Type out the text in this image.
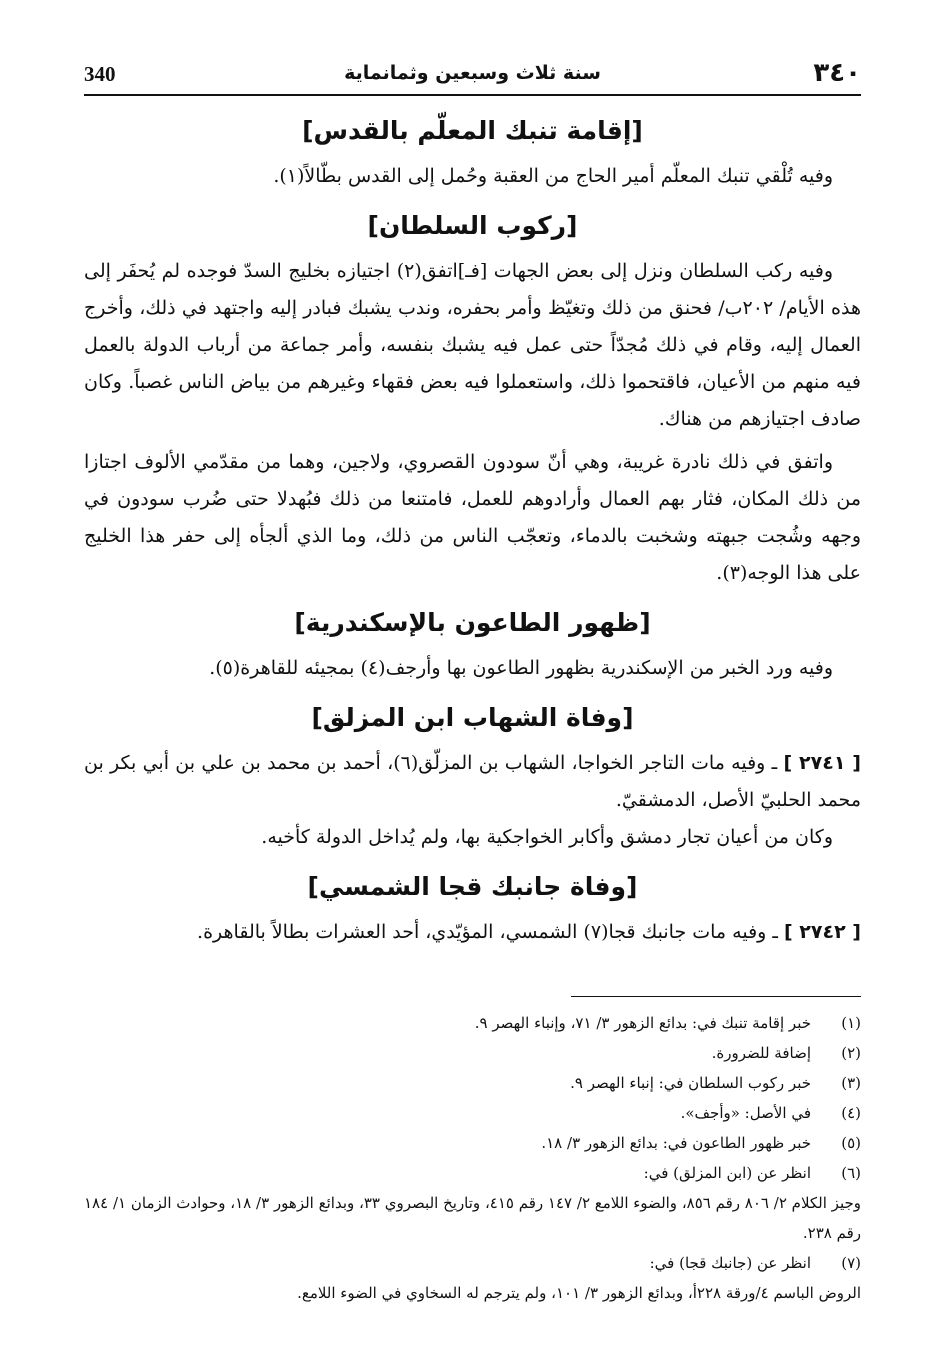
٣٤٠
سنة ثلاث وسبعين وثمانماية
340
[إقامة تنبك المعلّم بالقدس]

وفيه تُلْقي تنبك المعلّم أمير الحاج من العقبة وحُمل إلى القدس بطّالاً(١).

[ركوب السلطان]

وفيه ركب السلطان ونزل إلى بعض الجهات [فـ]اتفق(٢) اجتيازه بخليج السدّ فوجده لم يُحفَر إلى هذه الأيام/ ٢٠٢ب/ فحنق من ذلك وتغيّظ وأمر بحفره، وندب يشبك فبادر إليه واجتهد في ذلك، وأخرج العمال إليه، وقام في ذلك مُجدّاً حتى عمل فيه يشبك بنفسه، وأمر جماعة من أرباب الدولة بالعمل فيه منهم من الأعيان، فاقتحموا ذلك، واستعملوا فيه بعض فقهاء وغيرهم من بياض الناس غصباً. وكان صادف اجتيازهم من هناك.

واتفق في ذلك نادرة غريبة، وهي أنّ سودون القصروي، ولاجين، وهما من مقدّمي الألوف اجتازا من ذلك المكان، فثار بهم العمال وأرادوهم للعمل، فامتنعا من ذلك فبُهدلا حتى ضُرب سودون في وجهه وشُجت جبهته وشخبت بالدماء، وتعجّب الناس من ذلك، وما الذي ألجأه إلى حفر هذا الخليج على هذا الوجه(٣).

[ظهور الطاعون بالإسكندرية]

وفيه ورد الخبر من الإسكندرية بظهور الطاعون بها وأرجف(٤) بمجيئه للقاهرة(٥).

[وفاة الشهاب ابن المزلق]

[ ٢٧٤١ ] ـ وفيه مات التاجر الخواجا، الشهاب بن المزلّق(٦)، أحمد بن محمد بن علي بن أبي بكر بن محمد الحلبيّ الأصل، الدمشقيّ.

وكان من أعيان تجار دمشق وأكابر الخواجكية بها، ولم يُداخل الدولة كأخيه.

[وفاة جانبك قجا الشمسي]

[ ٢٧٤٢ ] ـ وفيه مات جانبك قجا(٧) الشمسي، المؤيّدي، أحد العشرات بطالاً بالقاهرة.

(١)
خبر إقامة تنبك في: بدائع الزهور ٣/ ٧١، وإنباء الهصر ٩.
(٢)
إضافة للضرورة.
(٣)
خبر ركوب السلطان في: إنباء الهصر ٩.
(٤)
في الأصل: «وأجف».
(٥)
خبر ظهور الطاعون في: بدائع الزهور ٣/ ١٨.
(٦)
انظر عن (ابن المزلق) في:
وجيز الكلام ٢/ ٨٠٦ رقم ٨٥٦، والضوء اللامع ٢/ ١٤٧ رقم ٤١٥، وتاريخ البصروي ٣٣، وبدائع الزهور ٣/ ١٨، وحوادث الزمان ١/ ١٨٤ رقم ٢٣٨.
(٧)
انظر عن (جانبك قجا) في:
الروض الباسم ٤/ورقة ٢٢٨أ، وبدائع الزهور ٣/ ١٠١، ولم يترجم له السخاوي في الضوء اللامع.
